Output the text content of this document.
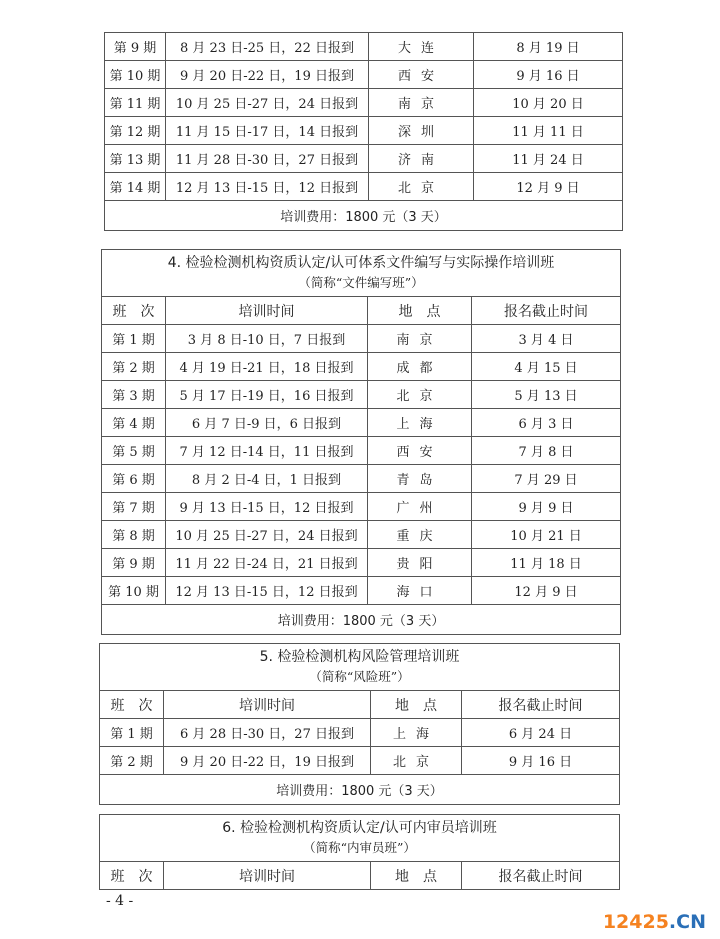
第 9 期	8 月 23 日-25 日，22 日报到	大连	8 月 19 日
第 10 期	9 月 20 日-22 日，19 日报到	西安	9 月 16 日
第 11 期	10 月 25 日-27 日，24 日报到	南京	10 月 20 日
第 12 期	11 月 15 日-17 日，14 日报到	深圳	11 月 11 日
第 13 期	11 月 28 日-30 日，27 日报到	济南	11 月 24 日
第 14 期	12 月 13 日-15 日，12 日报到	北京	12 月 9 日
培训费用：1800 元（3 天）			
4. 检验检测机构资质认定/认可体系文件编写与实际操作培训班
（简称“文件编写班”）			

班　次	培训时间	地　点	报名截止时间
第 1 期	3 月 8 日-10 日，7 日报到	南京	3 月 4 日
第 2 期	4 月 19 日-21 日，18 日报到	成都	4 月 15 日
第 3 期	5 月 17 日-19 日，16 日报到	北京	5 月 13 日
第 4 期	6 月 7 日-9 日，6 日报到	上海	6 月 3 日
第 5 期	7 月 12 日-14 日，11 日报到	西安	7 月 8 日
第 6 期	8 月 2 日-4 日，1 日报到	青岛	7 月 29 日
第 7 期	9 月 13 日-15 日，12 日报到	广州	9 月 9 日
第 8 期	10 月 25 日-27 日，24 日报到	重庆	10 月 21 日
第 9 期	11 月 22 日-24 日，21 日报到	贵阳	11 月 18 日
第 10 期	12 月 13 日-15 日，12 日报到	海口	12 月 9 日
培训费用：1800 元（3 天）			
5. 检验检测机构风险管理培训班
（简称“风险班”）			

班　次	培训时间	地　点	报名截止时间
第 1 期	6 月 28 日-30 日，27 日报到	上海	6 月 24 日
第 2 期	9 月 20 日-22 日，19 日报到	北京	9 月 16 日
培训费用：1800 元（3 天）			
6. 检验检测机构资质认定/认可内审员培训班
（简称“内审员班”）

班　次	培训时间	地　点	报名截止时间
- 4 -
12425.CN
